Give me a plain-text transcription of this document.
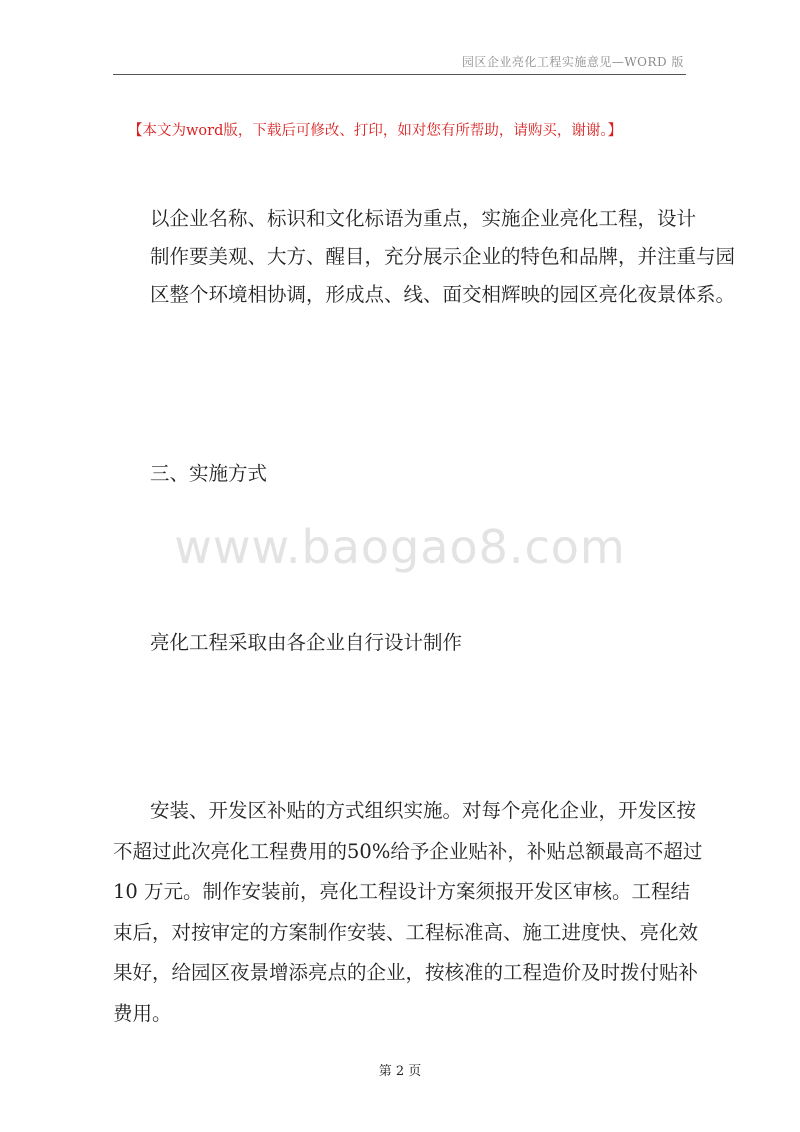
园区企业亮化工程实施意见—WORD 版
【本文为word版，下载后可修改、打印，如对您有所帮助，请购买，谢谢。】
以企业名称、标识和文化标语为重点，实施企业亮化工程，设计
制作要美观、大方、醒目，充分展示企业的特色和品牌，并注重与园
区整个环境相协调，形成点、线、面交相辉映的园区亮化夜景体系。
三、实施方式
www.baogao8.com
亮化工程采取由各企业自行设计制作
安装、开发区补贴的方式组织实施。对每个亮化企业，开发区按
不超过此次亮化工程费用的50%给予企业贴补，补贴总额最高不超过
10 万元。制作安装前，亮化工程设计方案须报开发区审核。工程结
束后，对按审定的方案制作安装、工程标准高、施工进度快、亮化效
果好，给园区夜景增添亮点的企业，按核准的工程造价及时拨付贴补
费用。
第 2 页
